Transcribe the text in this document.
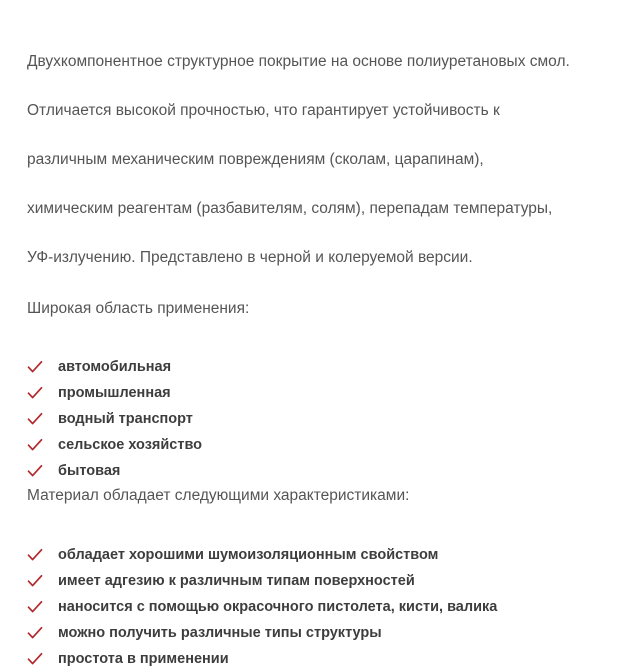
Двухкомпонентное структурное покрытие на основе полиуретановых смол.

Отличается высокой прочностью, что гарантирует устойчивость к

различным механическим повреждениям (сколам, царапинам),

химическим реагентам (разбавителям, солям), перепадам температуры,

УФ-излучению. Представлено в черной и колеруемой версии.

Широкая область применения:

автомобильная
промышленная
водный транспорт
сельское хозяйство
бытовая

Материал обладает следующими характеристиками:

обладает хорошими шумоизоляционным свойством
имеет адгезию к различным типам поверхностей
наносится с помощью окрасочного пистолета, кисти, валика
можно получить различные типы структуры
простота в применении
